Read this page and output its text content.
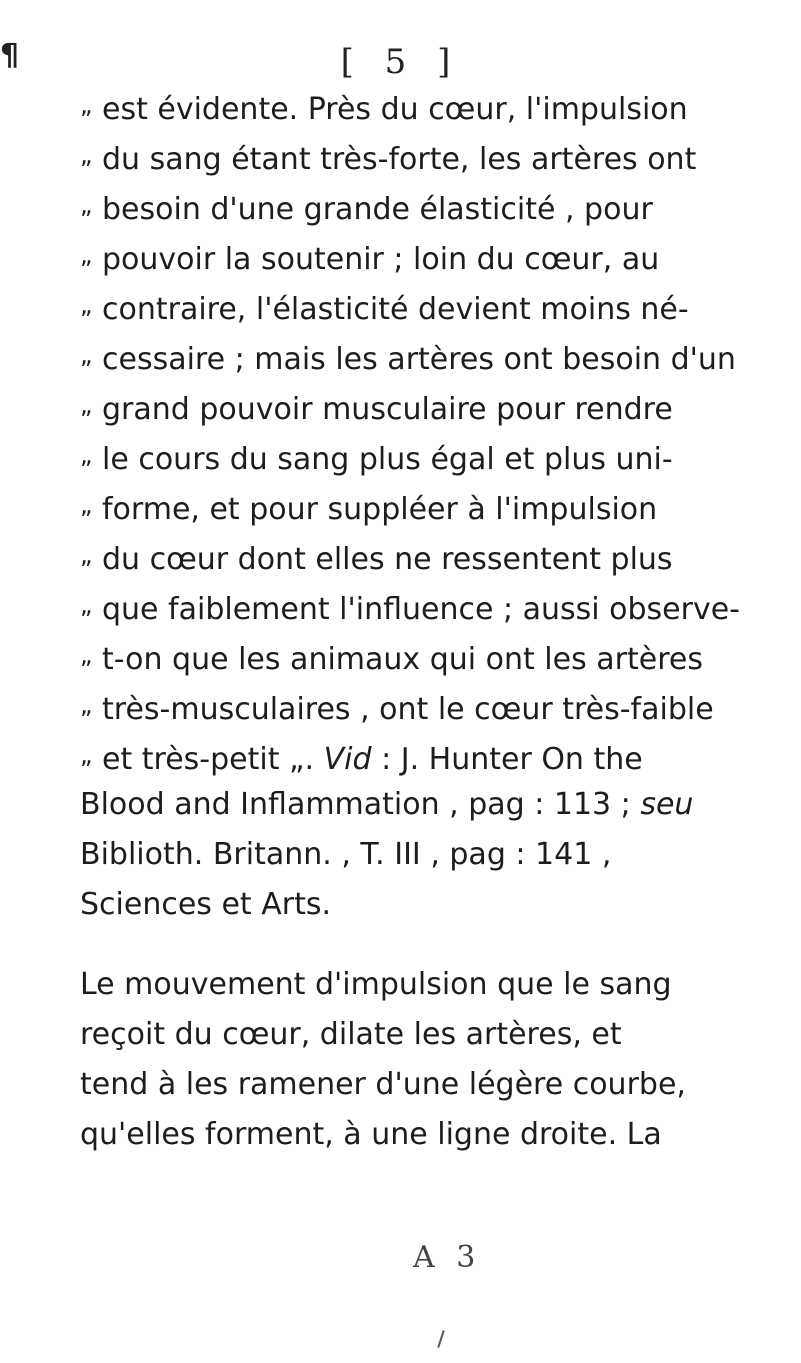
¶	[ 5 ]
„ est évidente. Près du cœur, l'impulsion
„ du sang étant très-forte, les artères ont
„ besoin d'une grande élasticité , pour
„ pouvoir la soutenir ; loin du cœur, au
„ contraire, l'élasticité devient moins né-
„ cessaire ; mais les artères ont besoin d'un
„ grand pouvoir musculaire pour rendre
„ le cours du sang plus égal et plus uni-
„ forme, et pour suppléer à l'impulsion
„ du cœur dont elles ne ressentent plus
„ que faiblement l'influence ; aussi observe-
„ t-on que les animaux qui ont les artères
„ très-musculaires , ont le cœur très-faible
„ et très-petit „. Vid : J. Hunter On the
Blood and Inflammation , pag : 113 ; seu
Biblioth. Britann. , T. III , pag : 141 ,
Sciences et Arts.
Le mouvement d'impulsion que le sang
reçoit du cœur, dilate les artères, et
tend à les ramener d'une légère courbe,
qu'elles forment, à une ligne droite. La
A 3
